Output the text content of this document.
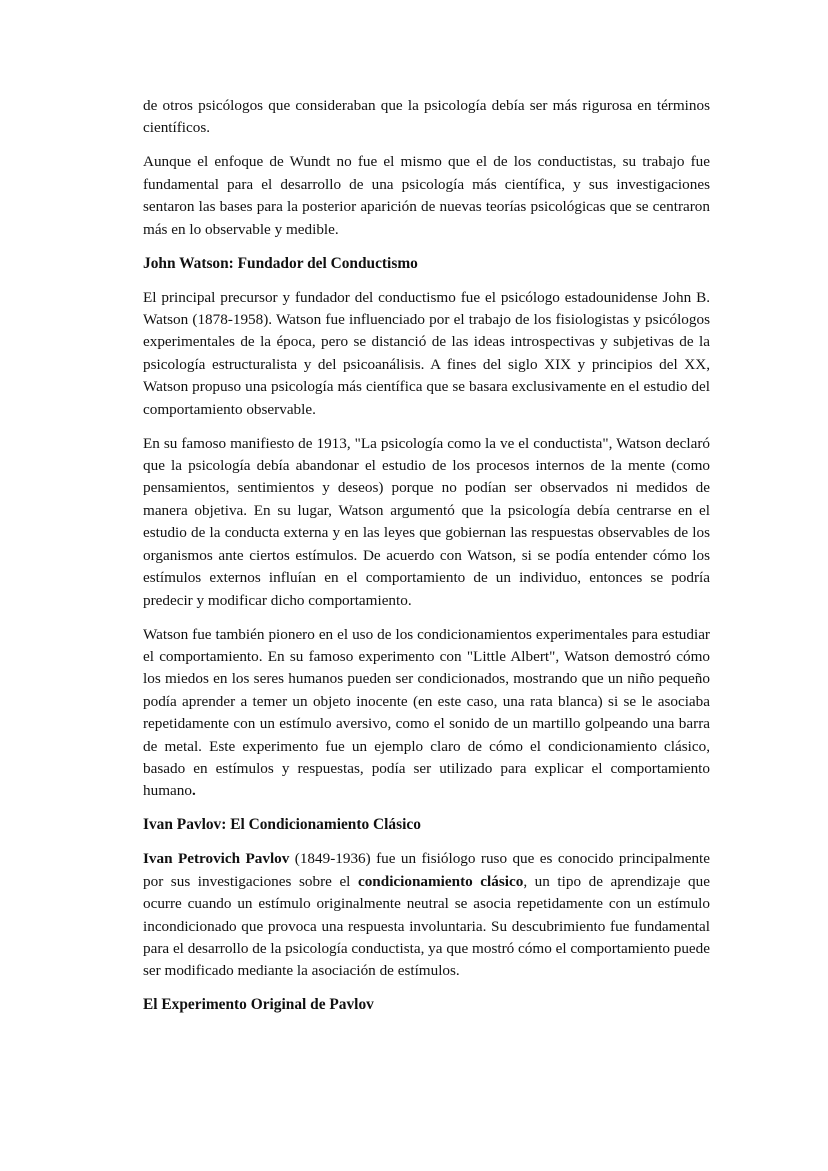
de otros psicólogos que consideraban que la psicología debía ser más rigurosa en términos científicos.

Aunque el enfoque de Wundt no fue el mismo que el de los conductistas, su trabajo fue fundamental para el desarrollo de una psicología más científica, y sus investigaciones sentaron las bases para la posterior aparición de nuevas teorías psicológicas que se centraron más en lo observable y medible.

John Watson: Fundador del Conductismo

El principal precursor y fundador del conductismo fue el psicólogo estadounidense John B. Watson (1878-1958). Watson fue influenciado por el trabajo de los fisiologistas y psicólogos experimentales de la época, pero se distanció de las ideas introspectivas y subjetivas de la psicología estructuralista y del psicoanálisis. A fines del siglo XIX y principios del XX, Watson propuso una psicología más científica que se basara exclusivamente en el estudio del comportamiento observable.

En su famoso manifiesto de 1913, "La psicología como la ve el conductista", Watson declaró que la psicología debía abandonar el estudio de los procesos internos de la mente (como pensamientos, sentimientos y deseos) porque no podían ser observados ni medidos de manera objetiva. En su lugar, Watson argumentó que la psicología debía centrarse en el estudio de la conducta externa y en las leyes que gobiernan las respuestas observables de los organismos ante ciertos estímulos. De acuerdo con Watson, si se podía entender cómo los estímulos externos influían en el comportamiento de un individuo, entonces se podría predecir y modificar dicho comportamiento.

Watson fue también pionero en el uso de los condicionamientos experimentales para estudiar el comportamiento. En su famoso experimento con "Little Albert", Watson demostró cómo los miedos en los seres humanos pueden ser condicionados, mostrando que un niño pequeño podía aprender a temer un objeto inocente (en este caso, una rata blanca) si se le asociaba repetidamente con un estímulo aversivo, como el sonido de un martillo golpeando una barra de metal. Este experimento fue un ejemplo claro de cómo el condicionamiento clásico, basado en estímulos y respuestas, podía ser utilizado para explicar el comportamiento humano.

Ivan Pavlov: El Condicionamiento Clásico

Ivan Petrovich Pavlov (1849-1936) fue un fisiólogo ruso que es conocido principalmente por sus investigaciones sobre el condicionamiento clásico, un tipo de aprendizaje que ocurre cuando un estímulo originalmente neutral se asocia repetidamente con un estímulo incondicionado que provoca una respuesta involuntaria. Su descubrimiento fue fundamental para el desarrollo de la psicología conductista, ya que mostró cómo el comportamiento puede ser modificado mediante la asociación de estímulos.

El Experimento Original de Pavlov
